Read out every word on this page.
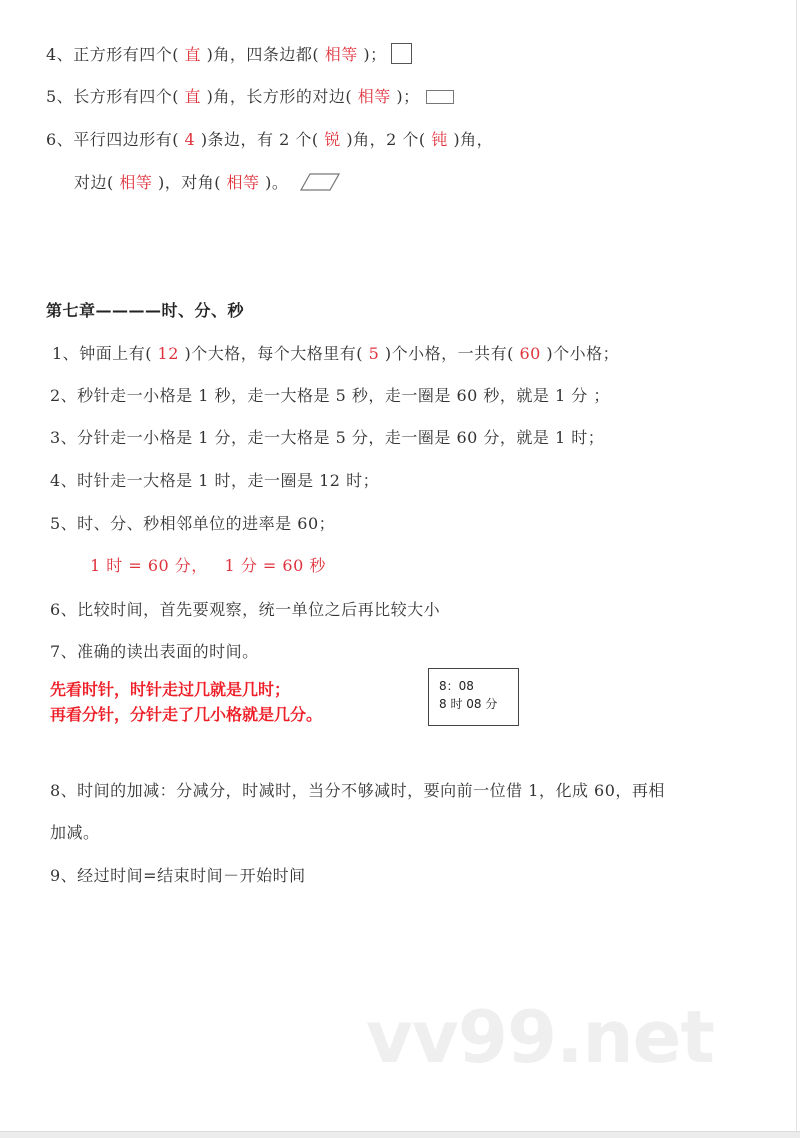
4、正方形有四个( 直 )角，四条边都( 相等 )；
5、长方形有四个( 直 )角，长方形的对边( 相等 )；
6、平行四边形有( 4 )条边，有 2 个( 锐 )角，2 个( 钝 )角，
对边( 相等 )，对角( 相等 )。
第七章————时、分、秒
1、钟面上有( 12 )个大格，每个大格里有( 5 )个小格，一共有( 60 )个小格；
2、秒针走一小格是 1 秒，走一大格是 5 秒，走一圈是 60 秒，就是 1 分 ；
3、分针走一小格是 1 分，走一大格是 5 分，走一圈是 60 分，就是 1 时；
4、时针走一大格是 1 时，走一圈是 12 时；
5、时、分、秒相邻单位的进率是 60；
1 时 = 60 分，   1 分 = 60 秒
6、比较时间，首先要观察，统一单位之后再比较大小
7、准确的读出表面的时间。
先看时针，时针走过几就是几时；
再看分针，分针走了几小格就是几分。
8：08
8 时 08 分
8、时间的加减：分减分，时减时，当分不够减时，要向前一位借 1，化成 60，再相
加减。
9、经过时间=结束时间－开始时间
vv99.net
